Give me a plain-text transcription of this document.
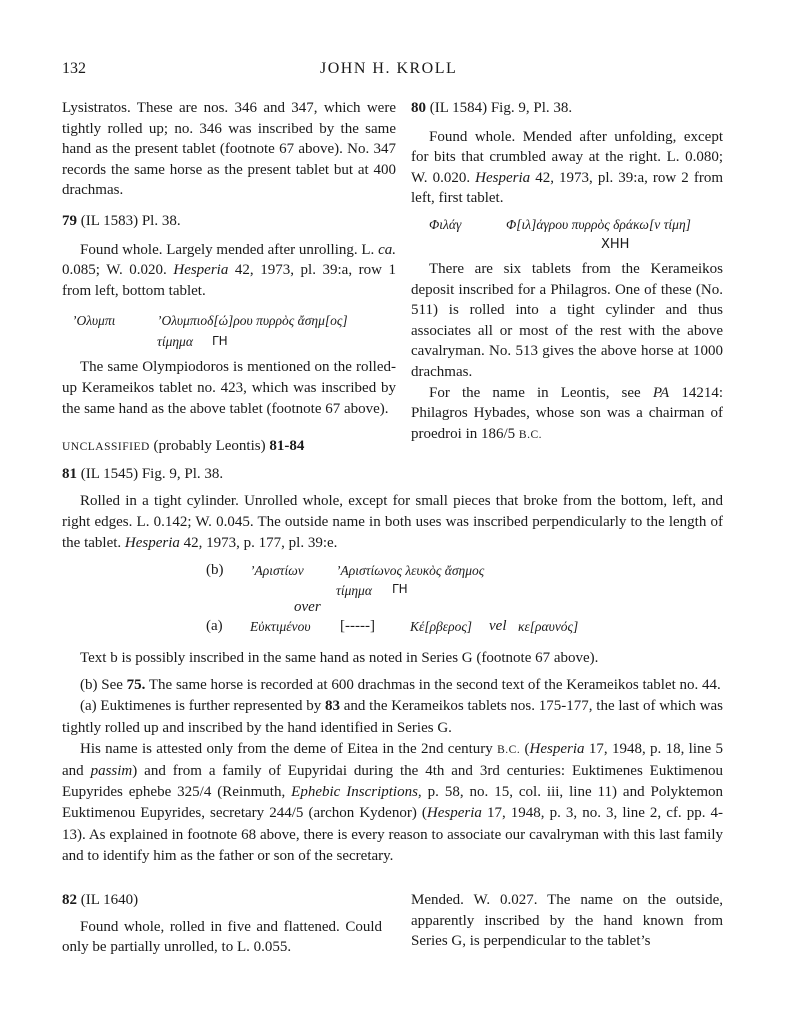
132	JOHN H. KROLL

Lysistratos. These are nos. 346 and 347, which were tightly rolled up; no. 346 was inscribed by the same hand as the present tablet (footnote 67 above). No. 347 records the same horse as the present tablet but at 400 drachmas.

79 (IL 1583) Pl. 38.

Found whole. Largely mended after unrolling. L. ca. 0.085; W. 0.020. Hesperia 42, 1973, pl. 39:a, row 1 from left, bottom tablet.

’Ολυμπι	’Ολυμπιοδ[ώ]ρου πυρρὸς ἄσημ[ος]
τίμημα ΓΗ

The same Olympiodoros is mentioned on the rolled-up Kerameikos tablet no. 423, which was inscribed by the same hand as the above tablet (footnote 67 above).

80 (IL 1584) Fig. 9, Pl. 38.

Found whole. Mended after unfolding, except for bits that crumbled away at the right. L. 0.080; W. 0.020. Hesperia 42, 1973, pl. 39:a, row 2 from left, first tablet.

Φιλάγ	Φ[ιλ]άγρου πυρρὸς δράκω[ν τίμη]
ΧΗΗ

There are six tablets from the Kerameikos deposit inscribed for a Philagros. One of these (No. 511) is rolled into a tight cylinder and thus associates all or most of the rest with the above cavalryman. No. 513 gives the above horse at 1000 drachmas.

For the name in Leontis, see PA 14214: Philagros Hybades, whose son was a chairman of proedroi in 186/5 B.C.

UNCLASSIFIED (probably Leontis) 81-84
81 (IL 1545) Fig. 9, Pl. 38.

Rolled in a tight cylinder. Unrolled whole, except for small pieces that broke from the bottom, left, and right edges. L. 0.142; W. 0.045. The outside name in both uses was inscribed perpendicularly to the length of the tablet. Hesperia 42, 1973, p. 177, pl. 39:e.

(b) ’Αριστίων ’Αριστίωνος λευκὸς ἄσημος
τίμημα ΓΗ
over
(a) Εὐκτιμένου [-----]	Κέ[ρβερος] vel κε[ραυνός]

Text b is possibly inscribed in the same hand as noted in Series G (footnote 67 above).

(b) See 75. The same horse is recorded at 600 drachmas in the second text of the Kerameikos tablet no. 44.

(a) Euktimenes is further represented by 83 and the Kerameikos tablets nos. 175-177, the last of which was tightly rolled up and inscribed by the hand identified in Series G.

His name is attested only from the deme of Eitea in the 2nd century B.C. (Hesperia 17, 1948, p. 18, line 5 and passim) and from a family of Eupyridai during the 4th and 3rd centuries: Euktimenes Euktimenou Eupyrides ephebe 325/4 (Reinmuth, Ephebic Inscriptions, p. 58, no. 15, col. iii, line 11) and Polyktemon Euktimenou Eupyrides, secretary 244/5 (archon Kydenor) (Hesperia 17, 1948, p. 3, no. 3, line 2, cf. pp. 4-13). As explained in footnote 68 above, there is every reason to associate our cavalryman with this last family and to identify him as the father or son of the secretary.

82 (IL 1640)

Found whole, rolled in five and flattened. Could only be partially unrolled, to L. 0.055.

Mended. W. 0.027. The name on the outside, apparently inscribed by the hand known from Series G, is perpendicular to the tablet’s
